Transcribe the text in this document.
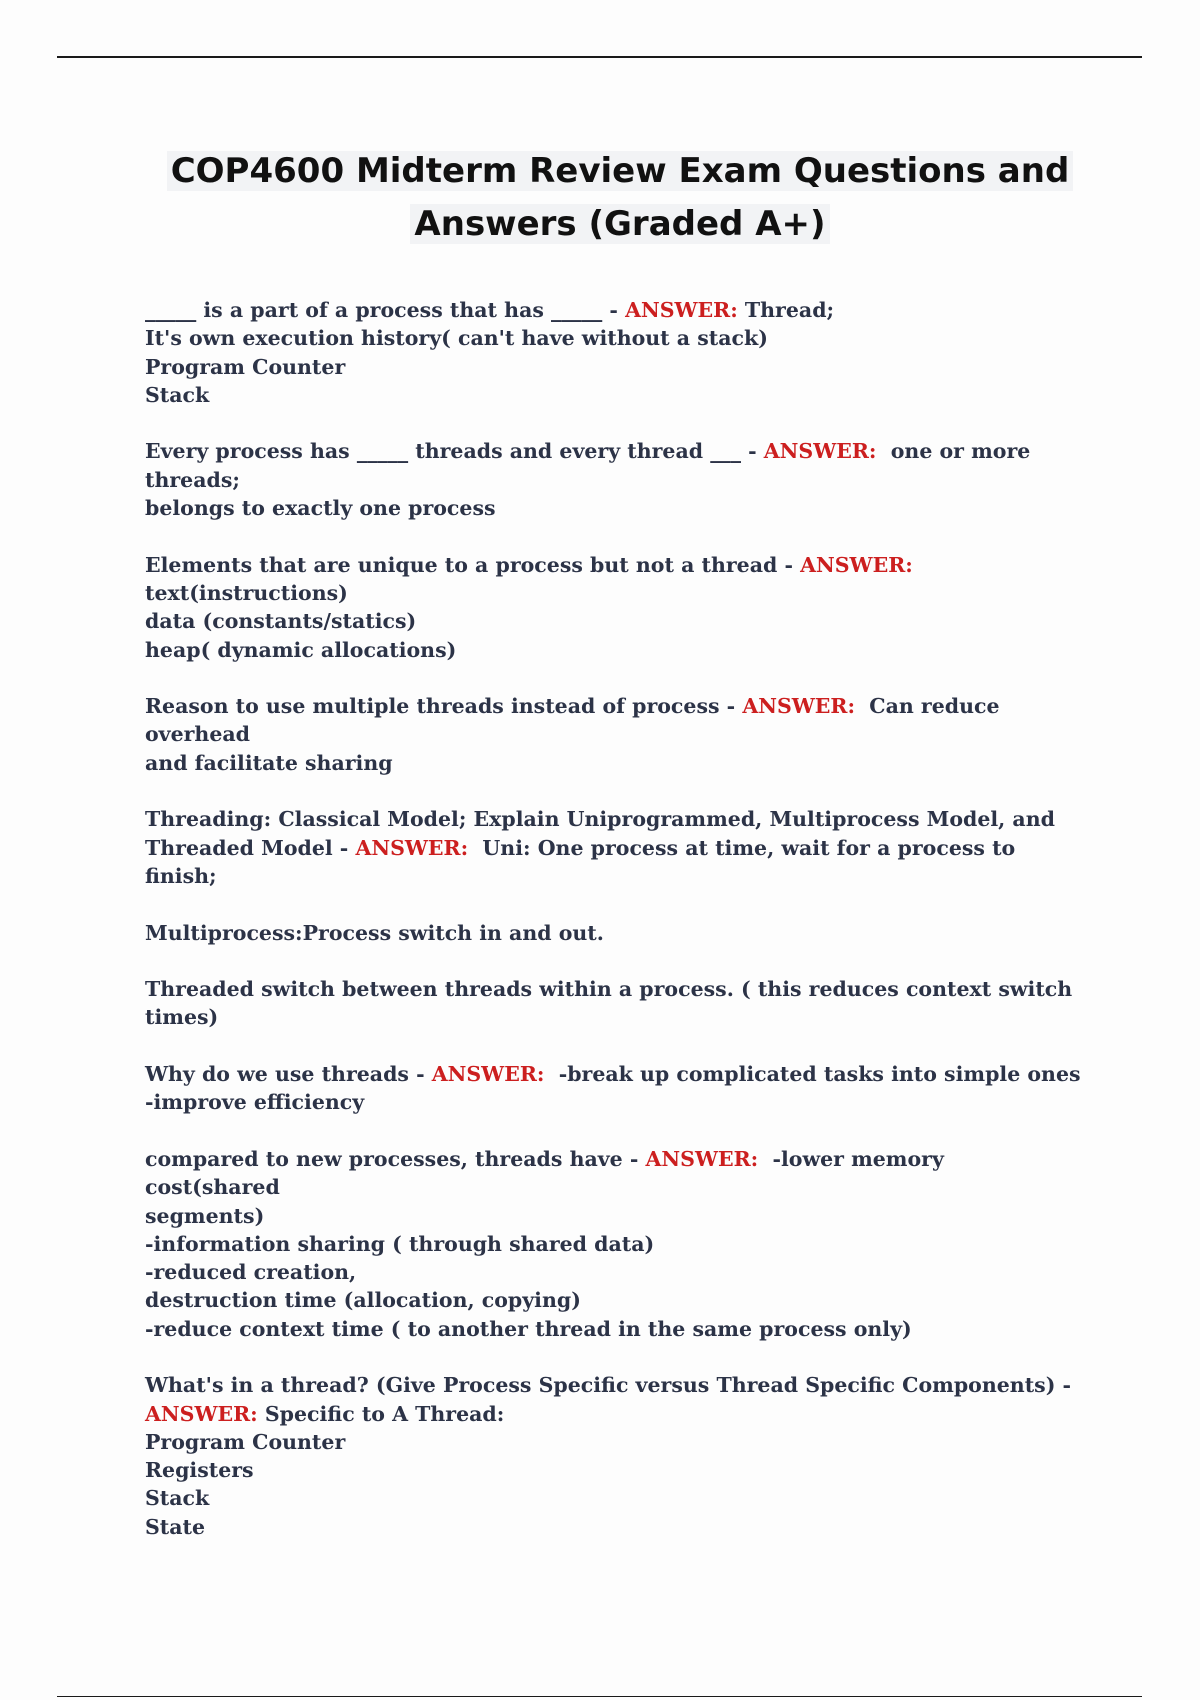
COP4600 Midterm Review Exam Questions and
Answers (Graded A+)
_____ is a part of a process that has _____ - ANSWER: Thread;
It's own execution history( can't have without a stack)
Program Counter
Stack
Every process has _____ threads and every thread ___ - ANSWER:  one or more
threads;
belongs to exactly one process
Elements that are unique to a process but not a thread - ANSWER: text(instructions)
data (constants/statics)
heap( dynamic allocations)
Reason to use multiple threads instead of process - ANSWER:  Can reduce overhead
and facilitate sharing
Threading: Classical Model; Explain Uniprogrammed, Multiprocess Model, and
Threaded Model - ANSWER:  Uni: One process at time, wait for a process to finish;
Multiprocess:Process switch in and out.
Threaded switch between threads within a process. ( this reduces context switch
times)
Why do we use threads - ANSWER:  -break up complicated tasks into simple ones
-improve efficiency
compared to new processes, threads have - ANSWER:  -lower memory cost(shared
segments)
-information sharing ( through shared data)
-reduced creation,
destruction time (allocation, copying)
-reduce context time ( to another thread in the same process only)
What's in a thread? (Give Process Specific versus Thread Specific Components) -
ANSWER: Specific to A Thread:
Program Counter
Registers
Stack
State
